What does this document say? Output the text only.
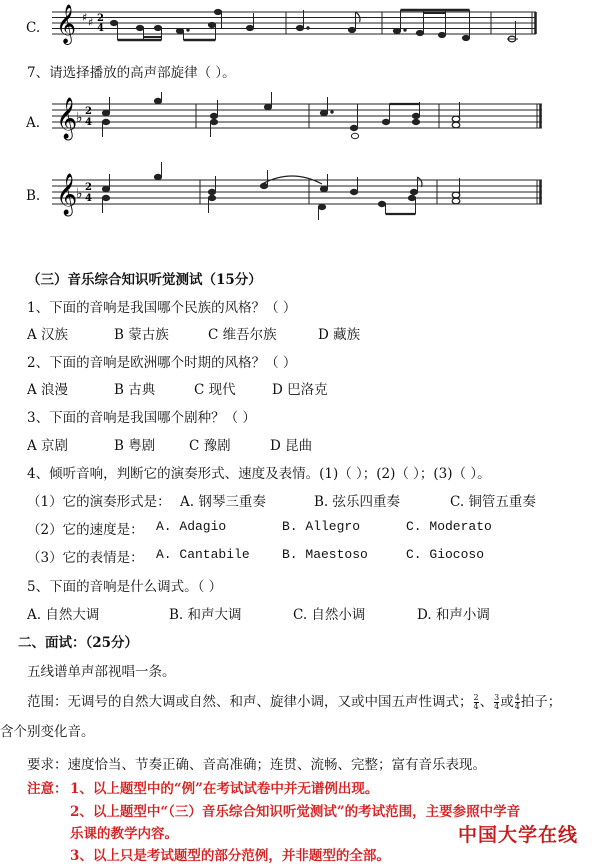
C. 𝄞 ♯ ♯ 2
4
7、请选择播放的高声部旋律（ ）。
A. 𝄞
♭ 2
4
B. 𝄞
♭ 2
4
（三）音乐综合知识听觉测试（15分）
1、下面的音响是我国哪个民族的风格？（ ）
A 汉族	B 蒙古族	C 维吾尔族	D 藏族
2、下面的音响是欧洲哪个时期的风格？（ ）
A 浪漫	B 古典	C 现代	D 巴洛克
3、下面的音响是我国哪个剧种？（ ）
A 京剧	B 粤剧	C 豫剧	D 昆曲
4、倾听音响，判断它的演奏形式、速度及表情。(1)（ ）；(2)（ ）；(3)（ ）。
（1）它的演奏形式是： A. 钢琴三重奏	B. 弦乐四重奏	C. 铜管五重奏
（2）它的速度是： A. Adagio	B. Allegro	C. Moderato
（3）它的表情是： A. Cantabile B. Maestoso	C. Giocoso
5、下面的音响是什么调式。（ ）
A. 自然大调	B. 和声大调	C. 自然小调	D. 和声小调
二、面试：（25分）
五线谱单声部视唱一条。
范围：无调号的自然大调或自然、和声、旋律小调，又或中国五声性调式； $\frac{2}{4}$ 、 $\frac{3}{4}$ 或 $\frac{4}{4}$ 拍子；
含个别变化音。
要求：速度恰当、节奏正确、音高准确；连贯、流畅、完整；富有音乐表现。
注意： 1、以上题型中的“例”在考试试卷中并无谱例出现。
2、以上题型中“（三）音乐综合知识听觉测试”的考试范围，主要参照中学音
乐课的教学内容。
3、以上只是考试题型的部分范例，并非题型的全部。
中国大学在线
